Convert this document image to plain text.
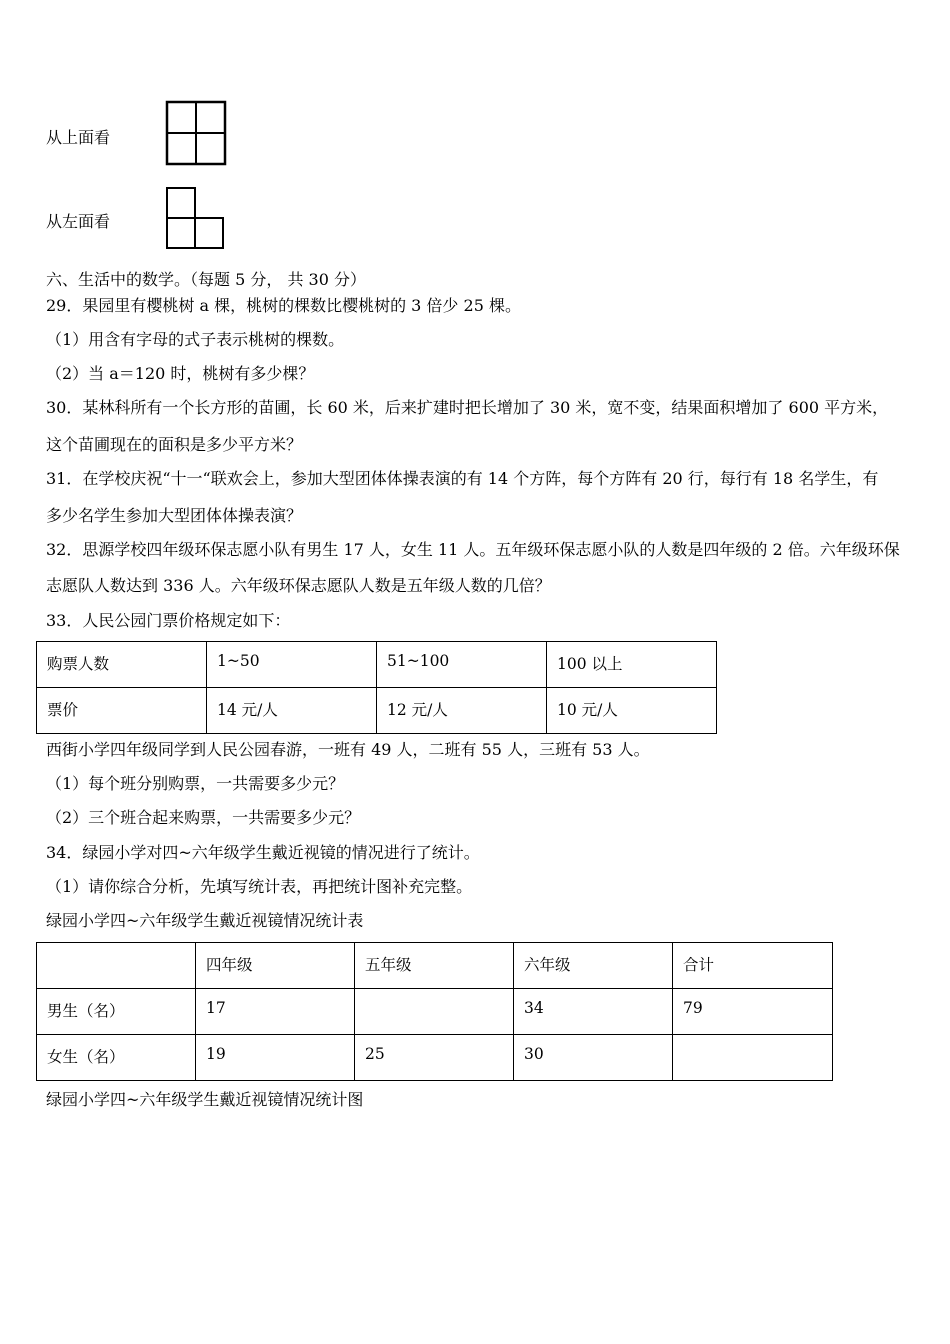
从上面看
从左面看
六、生活中的数学。（每题 5 分， 共 30 分）
29．果园里有樱桃树 a 棵，桃树的棵数比樱桃树的 3 倍少 25 棵。
（1）用含有字母的式子表示桃树的棵数。
（2）当 a＝120 时，桃树有多少棵？
30．某林科所有一个长方形的苗圃，长 60 米，后来扩建时把长增加了 30 米，宽不变，结果面积增加了 600 平方米，
这个苗圃现在的面积是多少平方米？
31．在学校庆祝“十一“联欢会上，参加大型团体体操表演的有 14 个方阵，每个方阵有 20 行，每行有 18 名学生，有
多少名学生参加大型团体体操表演？
32．思源学校四年级环保志愿小队有男生 17 人，女生 11 人。五年级环保志愿小队的人数是四年级的 2 倍。六年级环保
志愿队人数达到 336 人。六年级环保志愿队人数是五年级人数的几倍？
33．人民公园门票价格规定如下：
购票人数	1~50	51~100	100 以上
票价	14 元/人	12 元/人	10 元/人
西街小学四年级同学到人民公园春游，一班有 49 人，二班有 55 人，三班有 53 人。
（1）每个班分别购票，一共需要多少元？
（2）三个班合起来购票，一共需要多少元？
34．绿园小学对四~六年级学生戴近视镜的情况进行了统计。
（1）请你综合分析，先填写统计表，再把统计图补充完整。
绿园小学四~六年级学生戴近视镜情况统计表
	四年级	五年级	六年级	合计
男生（名）	17		34	79
女生（名）	19	25	30	
绿园小学四~六年级学生戴近视镜情况统计图
